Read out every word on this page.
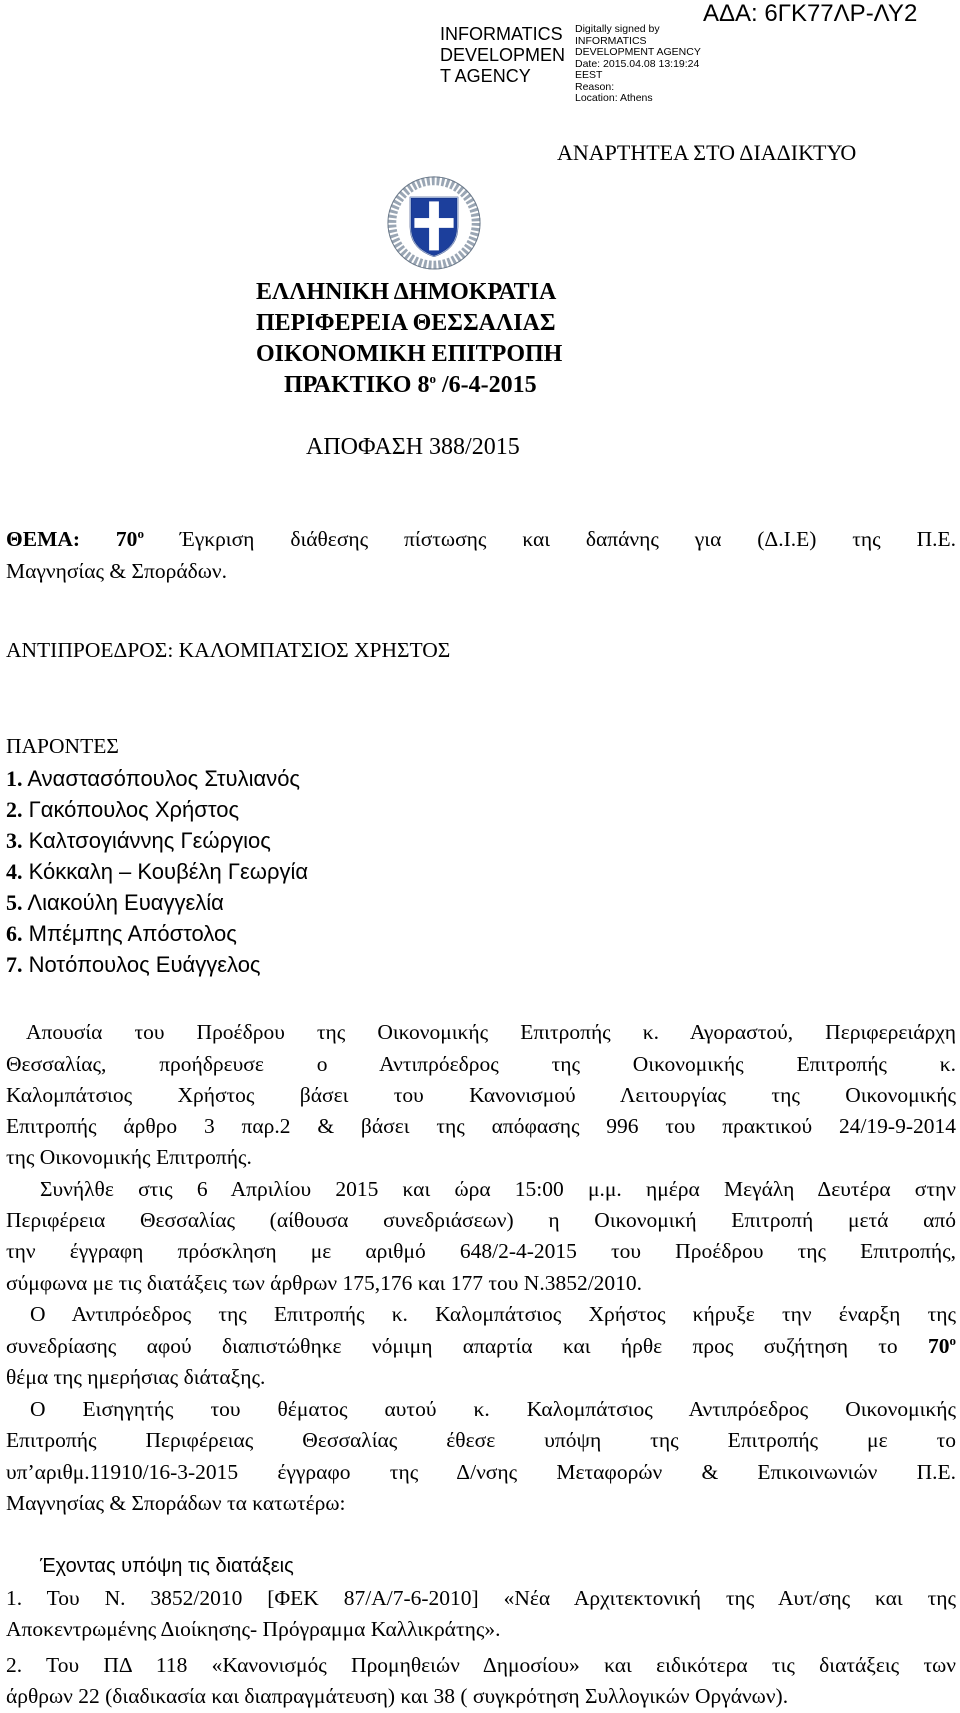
INFORMATICS
DEVELOPMEN
T AGENCY
Digitally signed by
INFORMATICS
DEVELOPMENT AGENCY
Date: 2015.04.08 13:19:24
EEST
Reason:
Location: Athens
ΑΔΑ: 6ΓΚ77ΛΡ-ΛΥ2
ΑΝΑΡΤΗΤΕΑ ΣΤΟ ΔΙΑΔΙΚΤΥΟ
ΕΛΛΗΝΙΚΗ ΔΗΜΟΚΡΑΤΙΑ
ΠΕΡΙΦΕΡΕΙΑ ΘΕΣΣΑΛΙΑΣ
ΟΙΚΟΝΟΜΙΚΗ ΕΠΙΤΡΟΠΗ
ΠΡΑΚΤΙΚΟ $8^o$ /6-4-2015
ΑΠΟΦΑΣΗ 388/2015
ΘΕΜΑ: $70^o$ Έγκριση διάθεσης πίστωσης και δαπάνης για (Δ.Ι.Ε) της Π.Ε.
Μαγνησίας & Σποράδων.
ΑΝΤΙΠΡΟΕΔΡΟΣ: ΚΑΛΟΜΠΑΤΣΙΟΣ ΧΡΗΣΤΟΣ
ΠΑΡΟΝΤΕΣ
1. Αναστασόπουλος Στυλιανός
2. Γακόπουλος Χρήστος
3. Καλτσογιάννης Γεώργιος
4. Κόκκαλη – Κουβέλη Γεωργία
5. Λιακούλη Ευαγγελία
6. Μπέμπης Απόστολος
7. Νοτόπουλος Ευάγγελος
Απουσία του Προέδρου της Οικονομικής Επιτροπής κ. Αγοραστού, Περιφερειάρχη
Θεσσαλίας, προήδρευσε ο Αντιπρόεδρος της Οικονομικής Επιτροπής κ.
Καλομπάτσιος Χρήστος βάσει του Κανονισμού Λειτουργίας της Οικονομικής
Επιτροπής άρθρο 3 παρ.2 & βάσει της απόφασης 996 του πρακτικού 24/19-9-2014
της Οικονομικής Επιτροπής.
Συνήλθε στις 6 Απριλίου 2015 και ώρα 15:00 μ.μ. ημέρα Μεγάλη Δευτέρα στην
Περιφέρεια Θεσσαλίας (αίθουσα συνεδριάσεων) η Οικονομική Επιτροπή μετά από
την έγγραφη πρόσκληση με αριθμό 648/2-4-2015 του Προέδρου της Επιτροπής,
σύμφωνα με τις διατάξεις των άρθρων 175,176 και 177 του Ν.3852/2010.
Ο Αντιπρόεδρος της Επιτροπής κ. Καλομπάτσιος Χρήστος κήρυξε την έναρξη της
συνεδρίασης αφού διαπιστώθηκε νόμιμη απαρτία και ήρθε προς συζήτηση το $70^o$
θέμα της ημερήσιας διάταξης.
Ο Εισηγητής του θέματος αυτού κ. Καλομπάτσιος Αντιπρόεδρος Οικονομικής
Επιτροπής Περιφέρειας Θεσσαλίας έθεσε υπόψη της Επιτροπής με το
υπ’αριθμ.11910/16-3-2015 έγγραφο της Δ/νσης Μεταφορών & Επικοινωνιών Π.Ε.
Μαγνησίας & Σποράδων τα κατωτέρω:
Έχοντας υπόψη τις διατάξεις
1. Του Ν. 3852/2010 [ΦΕΚ 87/Α/7-6-2010] «Νέα Αρχιτεκτονική της Αυτ/σης και της
Αποκεντρωμένης Διοίκησης- Πρόγραμμα Καλλικράτης».
2. Του ΠΔ 118 «Κανονισμός Προμηθειών Δημοσίου» και ειδικότερα τις διατάξεις των
άρθρων 22 (διαδικασία και διαπραγμάτευση) και 38 ( συγκρότηση Συλλογικών Οργάνων).
